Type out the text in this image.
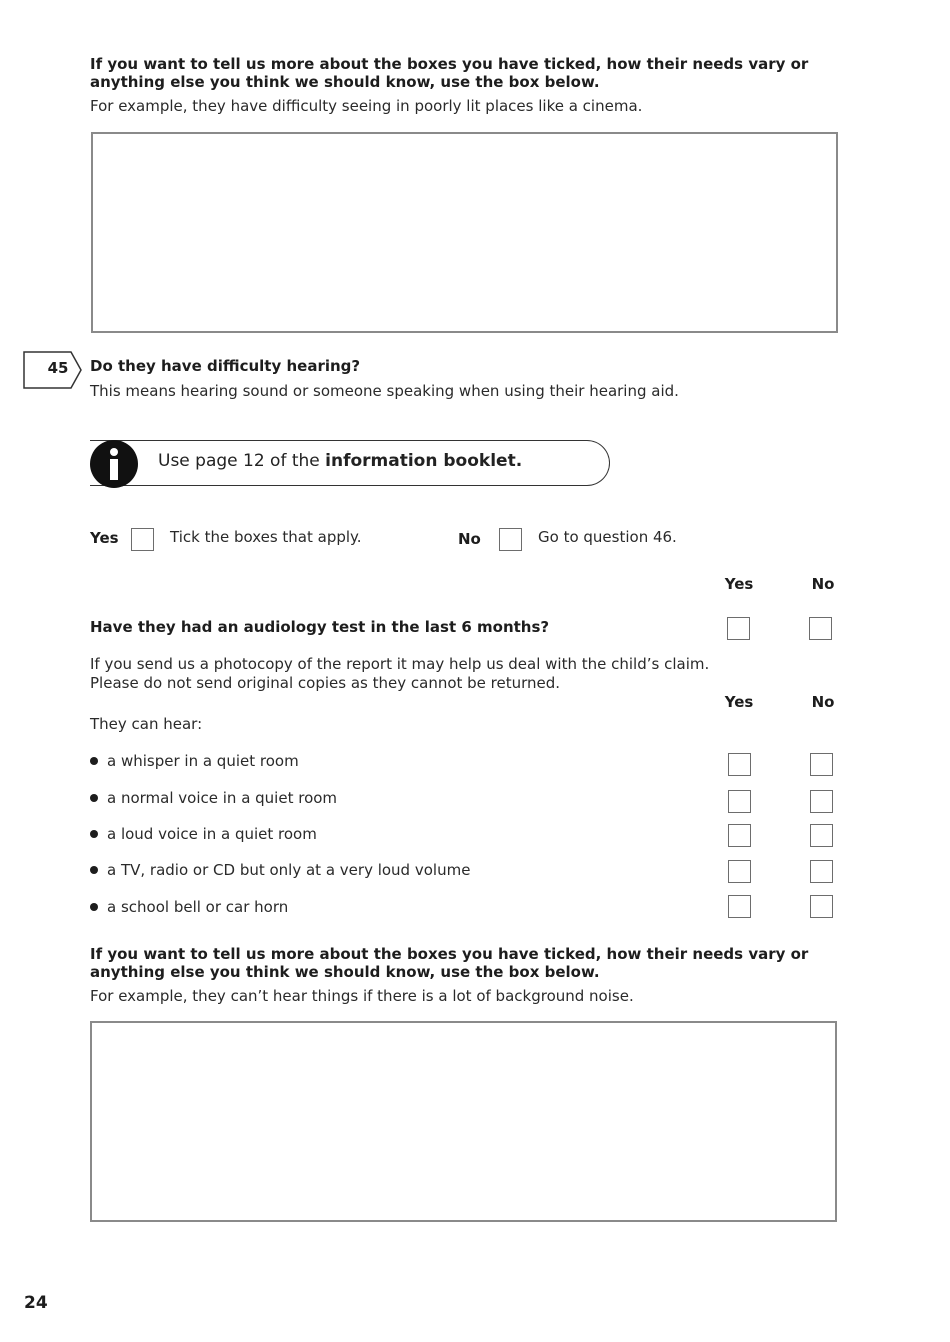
If you want to tell us more about the boxes you have ticked, how their needs vary or anything else you think we should know, use the box below.
For example, they have difficulty seeing in poorly lit places like a cinema.
45 Do they have difficulty hearing?
This means hearing sound or someone speaking when using their hearing aid.
Use page 12 of the information booklet.
Yes	Tick the boxes that apply.	No	Go to question 46.
Yes	No
Have they had an audiology test in the last 6 months?
If you send us a photocopy of the report it may help us deal with the child’s claim.
Please do not send original copies as they cannot be returned.
Yes	No
They can hear:
a whisper in a quiet room
a normal voice in a quiet room
a loud voice in a quiet room
a TV, radio or CD but only at a very loud volume
a school bell or car horn
If you want to tell us more about the boxes you have ticked, how their needs vary or anything else you think we should know, use the box below.
For example, they can’t hear things if there is a lot of background noise.
24
